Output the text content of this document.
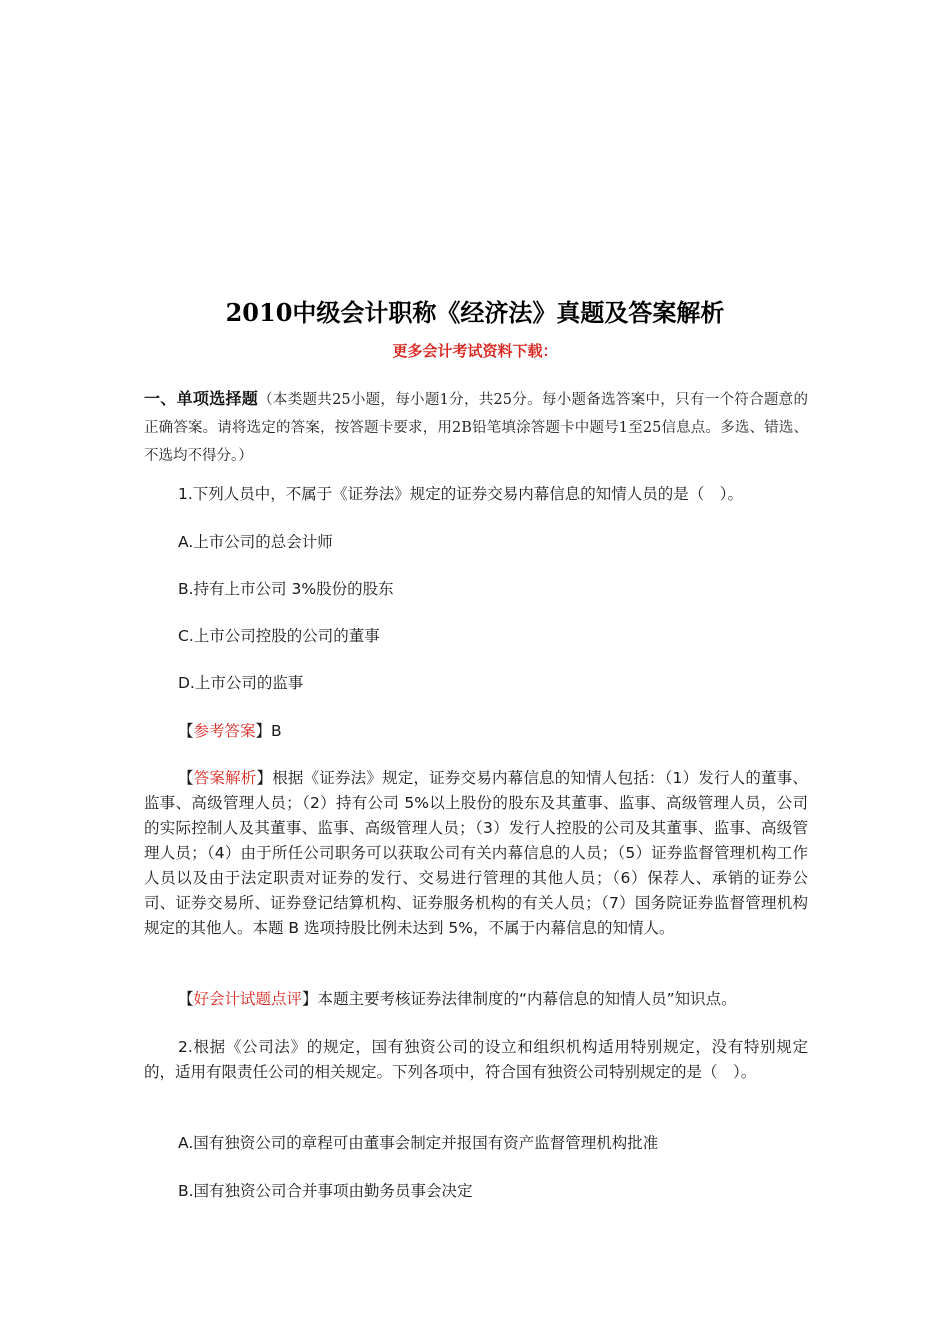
2010中级会计职称《经济法》真题及答案解析
更多会计考试资料下载：
一、单项选择题（本类题共25小题，每小题1分，共25分。每小题备选答案中，只有一个符合题意的正确答案。请将选定的答案，按答题卡要求，用2B铅笔填涂答题卡中题号1至25信息点。多选、错选、不选均不得分。）
1.下列人员中，不属于《证券法》规定的证券交易内幕信息的知情人员的是（　）。
A.上市公司的总会计师
B.持有上市公司 3%股份的股东
C.上市公司控股的公司的董事
D.上市公司的监事
【参考答案】B
【答案解析】根据《证券法》规定，证券交易内幕信息的知情人包括：（1）发行人的董事、监事、高级管理人员；（2）持有公司 5%以上股份的股东及其董事、监事、高级管理人员，公司的实际控制人及其董事、监事、高级管理人员；（3）发行人控股的公司及其董事、监事、高级管理人员；（4）由于所任公司职务可以获取公司有关内幕信息的人员；（5）证券监督管理机构工作人员以及由于法定职责对证券的发行、交易进行管理的其他人员；（6）保荐人、承销的证券公司、证券交易所、证券登记结算机构、证券服务机构的有关人员；（7）国务院证券监督管理机构规定的其他人。本题 B 选项持股比例未达到 5%，不属于内幕信息的知情人。
【好会计试题点评】本题主要考核证券法律制度的“内幕信息的知情人员”知识点。
2.根据《公司法》的规定，国有独资公司的设立和组织机构适用特别规定，没有特别规定的，适用有限责任公司的相关规定。下列各项中，符合国有独资公司特别规定的是（　）。
A.国有独资公司的章程可由董事会制定并报国有资产监督管理机构批准
B.国有独资公司合并事项由勤务员事会决定
